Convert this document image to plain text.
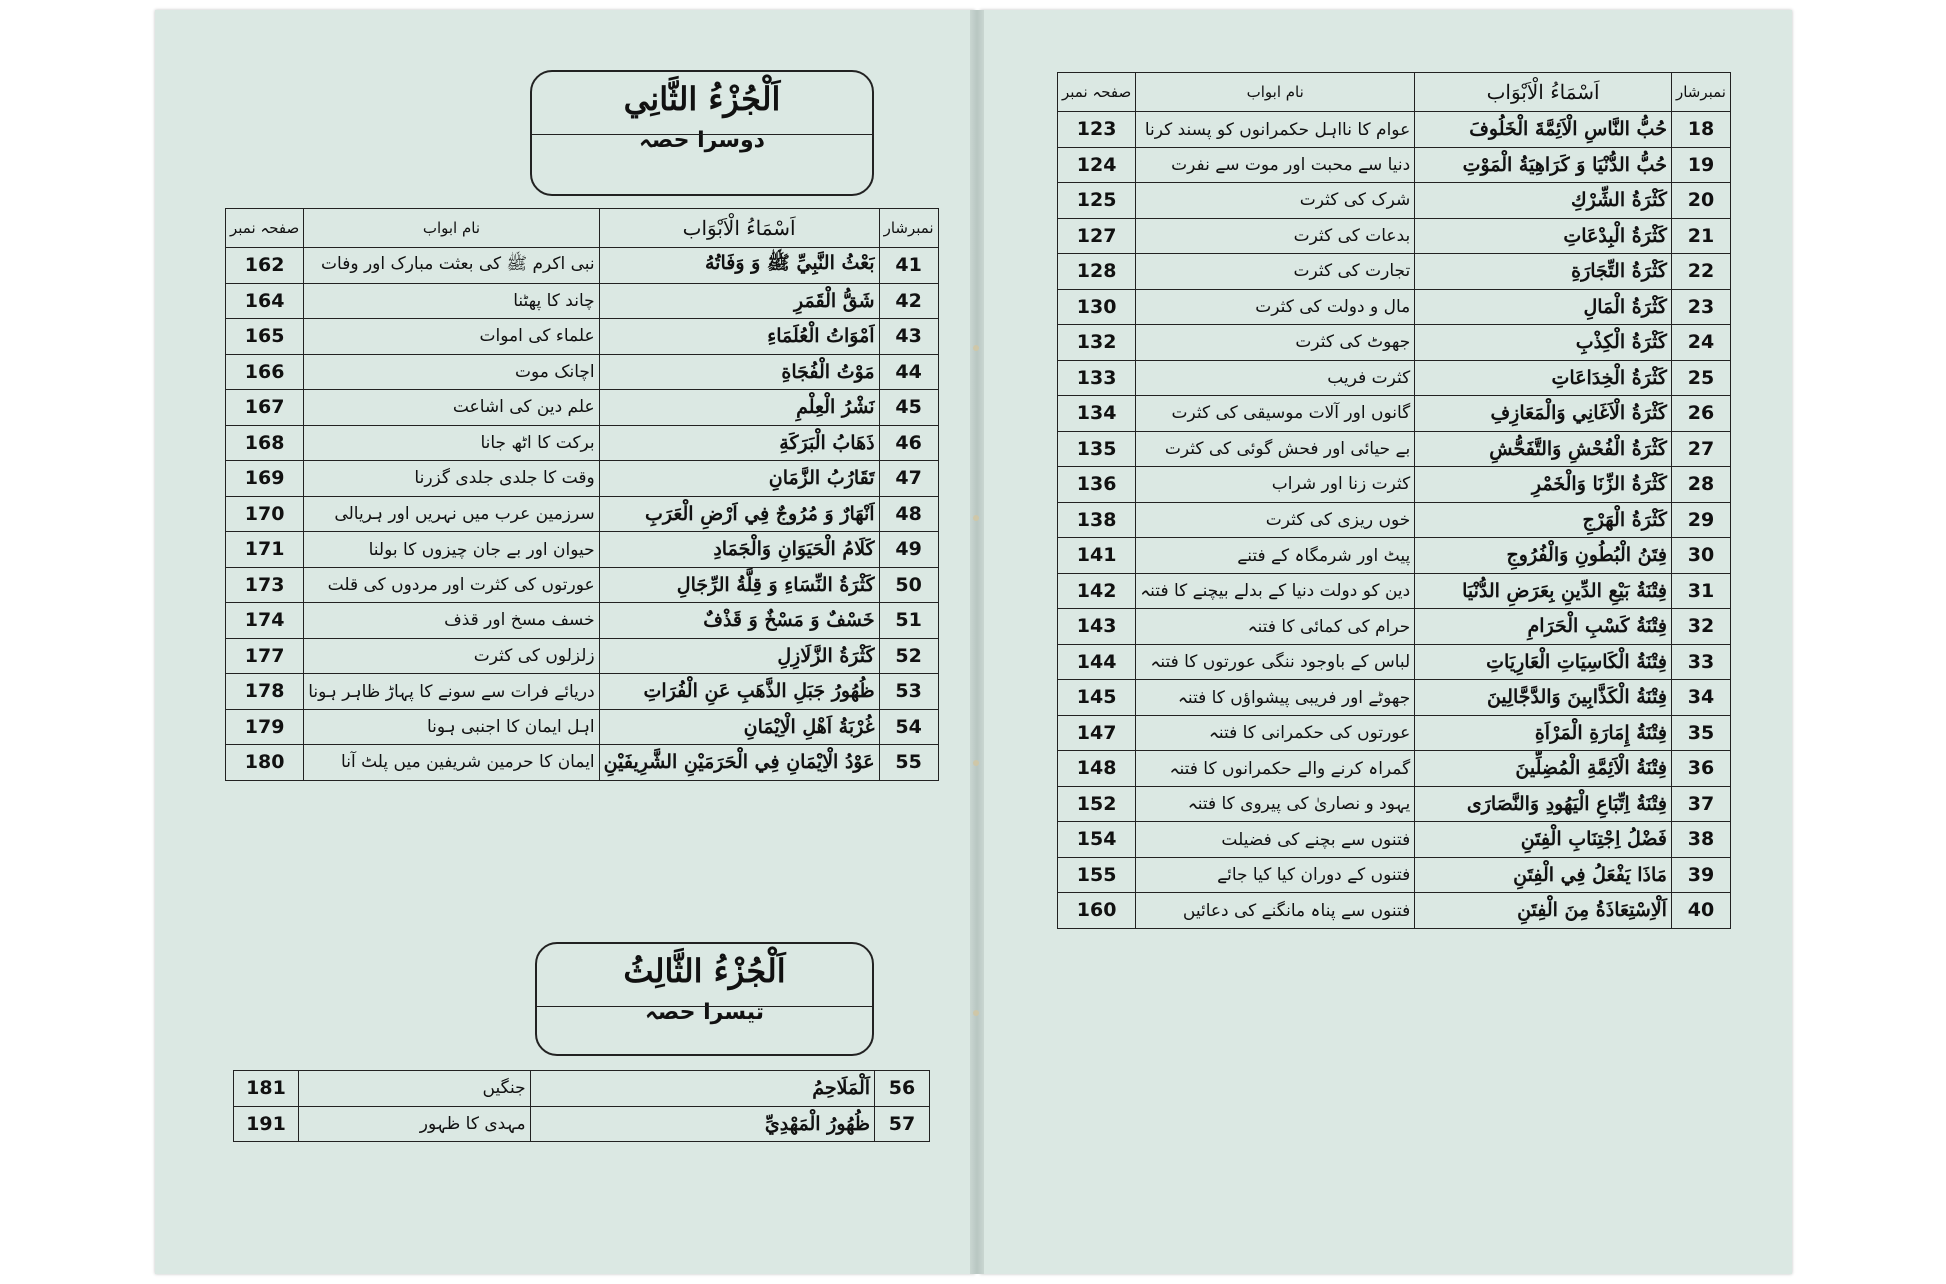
صفحہ نمبر	نام ابواب	اَسْمَاءُ الْاَبْوَاب	نمبرشار
123	عوام کا نااہل حکمرانوں کو پسند کرنا	حُبُّ النَّاسِ الْاَئِمَّةَ الْخَلُوفَ	18
124	دنیا سے محبت اور موت سے نفرت	حُبُّ الدُّنْيَا وَ كَرَاهِيَةُ الْمَوْتِ	19
125	شرک کی کثرت	كَثْرَةُ الشِّرْكِ	20
127	بدعات کی کثرت	كَثْرَةُ الْبِدْعَاتِ	21
128	تجارت کی کثرت	كَثْرَةُ التِّجَارَةِ	22
130	مال و دولت کی کثرت	كَثْرَةُ الْمَالِ	23
132	جھوٹ کی کثرت	كَثْرَةُ الْكِذْبِ	24
133	کثرت فریب	كَثْرَةُ الْخِدَاعَاتِ	25
134	گانوں اور آلات موسیقی کی کثرت	كَثْرَةُ الْاَغَانِي وَالْمَعَازِفِ	26
135	بے حیائی اور فحش گوئی کی کثرت	كَثْرَةُ الْفُحْشِ وَالتَّفَحُّشِ	27
136	کثرت زنا اور شراب	كَثْرَةُ الزِّنَا وَالْخَمْرِ	28
138	خوں ریزی کی کثرت	كَثْرَةُ الْهَرْجِ	29
141	پیٹ اور شرمگاہ کے فتنے	فِتَنُ الْبُطُونِ وَالْفُرُوجِ	30
142	دین کو دولت دنیا کے بدلے بیچنے کا فتنہ	فِتْنَةُ بَيْعِ الدِّينِ بِعَرَضِ الدُّنْيَا	31
143	حرام کی کمائی کا فتنہ	فِتْنَةُ كَسْبِ الْحَرَامِ	32
144	لباس کے باوجود ننگی عورتوں کا فتنہ	فِتْنَةُ الْكَاسِيَاتِ الْعَارِيَاتِ	33
145	جھوٹے اور فریبی پیشواؤں کا فتنہ	فِتْنَةُ الْكَذَّابِينَ وَالدَّجَّالِينَ	34
147	عورتوں کی حکمرانی کا فتنہ	فِتْنَةُ إِمَارَةِ الْمَرْاَةِ	35
148	گمراہ کرنے والے حکمرانوں کا فتنہ	فِتْنَةُ الْاَئِمَّةِ الْمُضِلِّينَ	36
152	یہود و نصاریٰ کی پیروی کا فتنہ	فِتْنَةُ اِتِّبَاعِ الْيَهُودِ وَالنَّصَارَى	37
154	فتنوں سے بچنے کی فضیلت	فَضْلُ اِجْتِنَابِ الْفِتَنِ	38
155	فتنوں کے دوران کیا کیا جائے	مَاذَا يَفْعَلُ فِي الْفِتَنِ	39
160	فتنوں سے پناہ مانگنے کی دعائیں	اَلْاِسْتِعَاذَةُ مِنَ الْفِتَنِ	40
اَلْجُزْءُ الثَّانِي
دوسرا حصہ
صفحہ نمبر	نام ابواب	اَسْمَاءُ الْاَبْوَاب	نمبرشار
162	نبی اکرم ﷺ کی بعثت مبارک اور وفات	بَعْثُ النَّبِيِّ ﷺ وَ وَفَاتُهُ	41
164	چاند کا پھٹنا	شَقُّ الْقَمَرِ	42
165	علماء کی اموات	اَمْوَاتُ الْعُلَمَاءِ	43
166	اچانک موت	مَوْتُ الْفُجَاةِ	44
167	علم دین کی اشاعت	نَشْرُ الْعِلْمِ	45
168	برکت کا اٹھ جانا	ذَهَابُ الْبَرَكَةِ	46
169	وقت کا جلدی جلدی گزرنا	تَقَارُبُ الزَّمَانِ	47
170	سرزمین عرب میں نہریں اور ہریالی	اَنْهَارٌ وَ مُرُوجٌ فِي اَرْضِ الْعَرَبِ	48
171	حیوان اور بے جان چیزوں کا بولنا	كَلَامُ الْحَيَوَانِ وَالْجَمَادِ	49
173	عورتوں کی کثرت اور مردوں کی قلت	كَثْرَةُ النِّسَاءِ وَ قِلَّةُ الرِّجَالِ	50
174	خسف مسخ اور قذف	خَسْفٌ وَ مَسْخٌ وَ قَذْفٌ	51
177	زلزلوں کی کثرت	كَثْرَةُ الزَّلَازِلِ	52
178	دریائے فرات سے سونے کا پہاڑ ظاہر ہونا	ظُهُورُ جَبَلِ الذَّهَبِ عَنِ الْفُرَاتِ	53
179	اہل ایمان کا اجنبی ہونا	غُرْبَةُ اَهْلِ الْاِيْمَانِ	54
180	ایمان کا حرمین شریفین میں پلٹ آنا	عَوْدُ الْاِيْمَانِ فِي الْحَرَمَيْنِ الشَّرِيفَيْنِ	55
اَلْجُزْءُ الثَّالِثُ
تیسرا حصہ
181	جنگیں	اَلْمَلَاحِمُ	56
191	مہدی کا ظہور	ظُهُورُ الْمَهْدِيِّ	57
